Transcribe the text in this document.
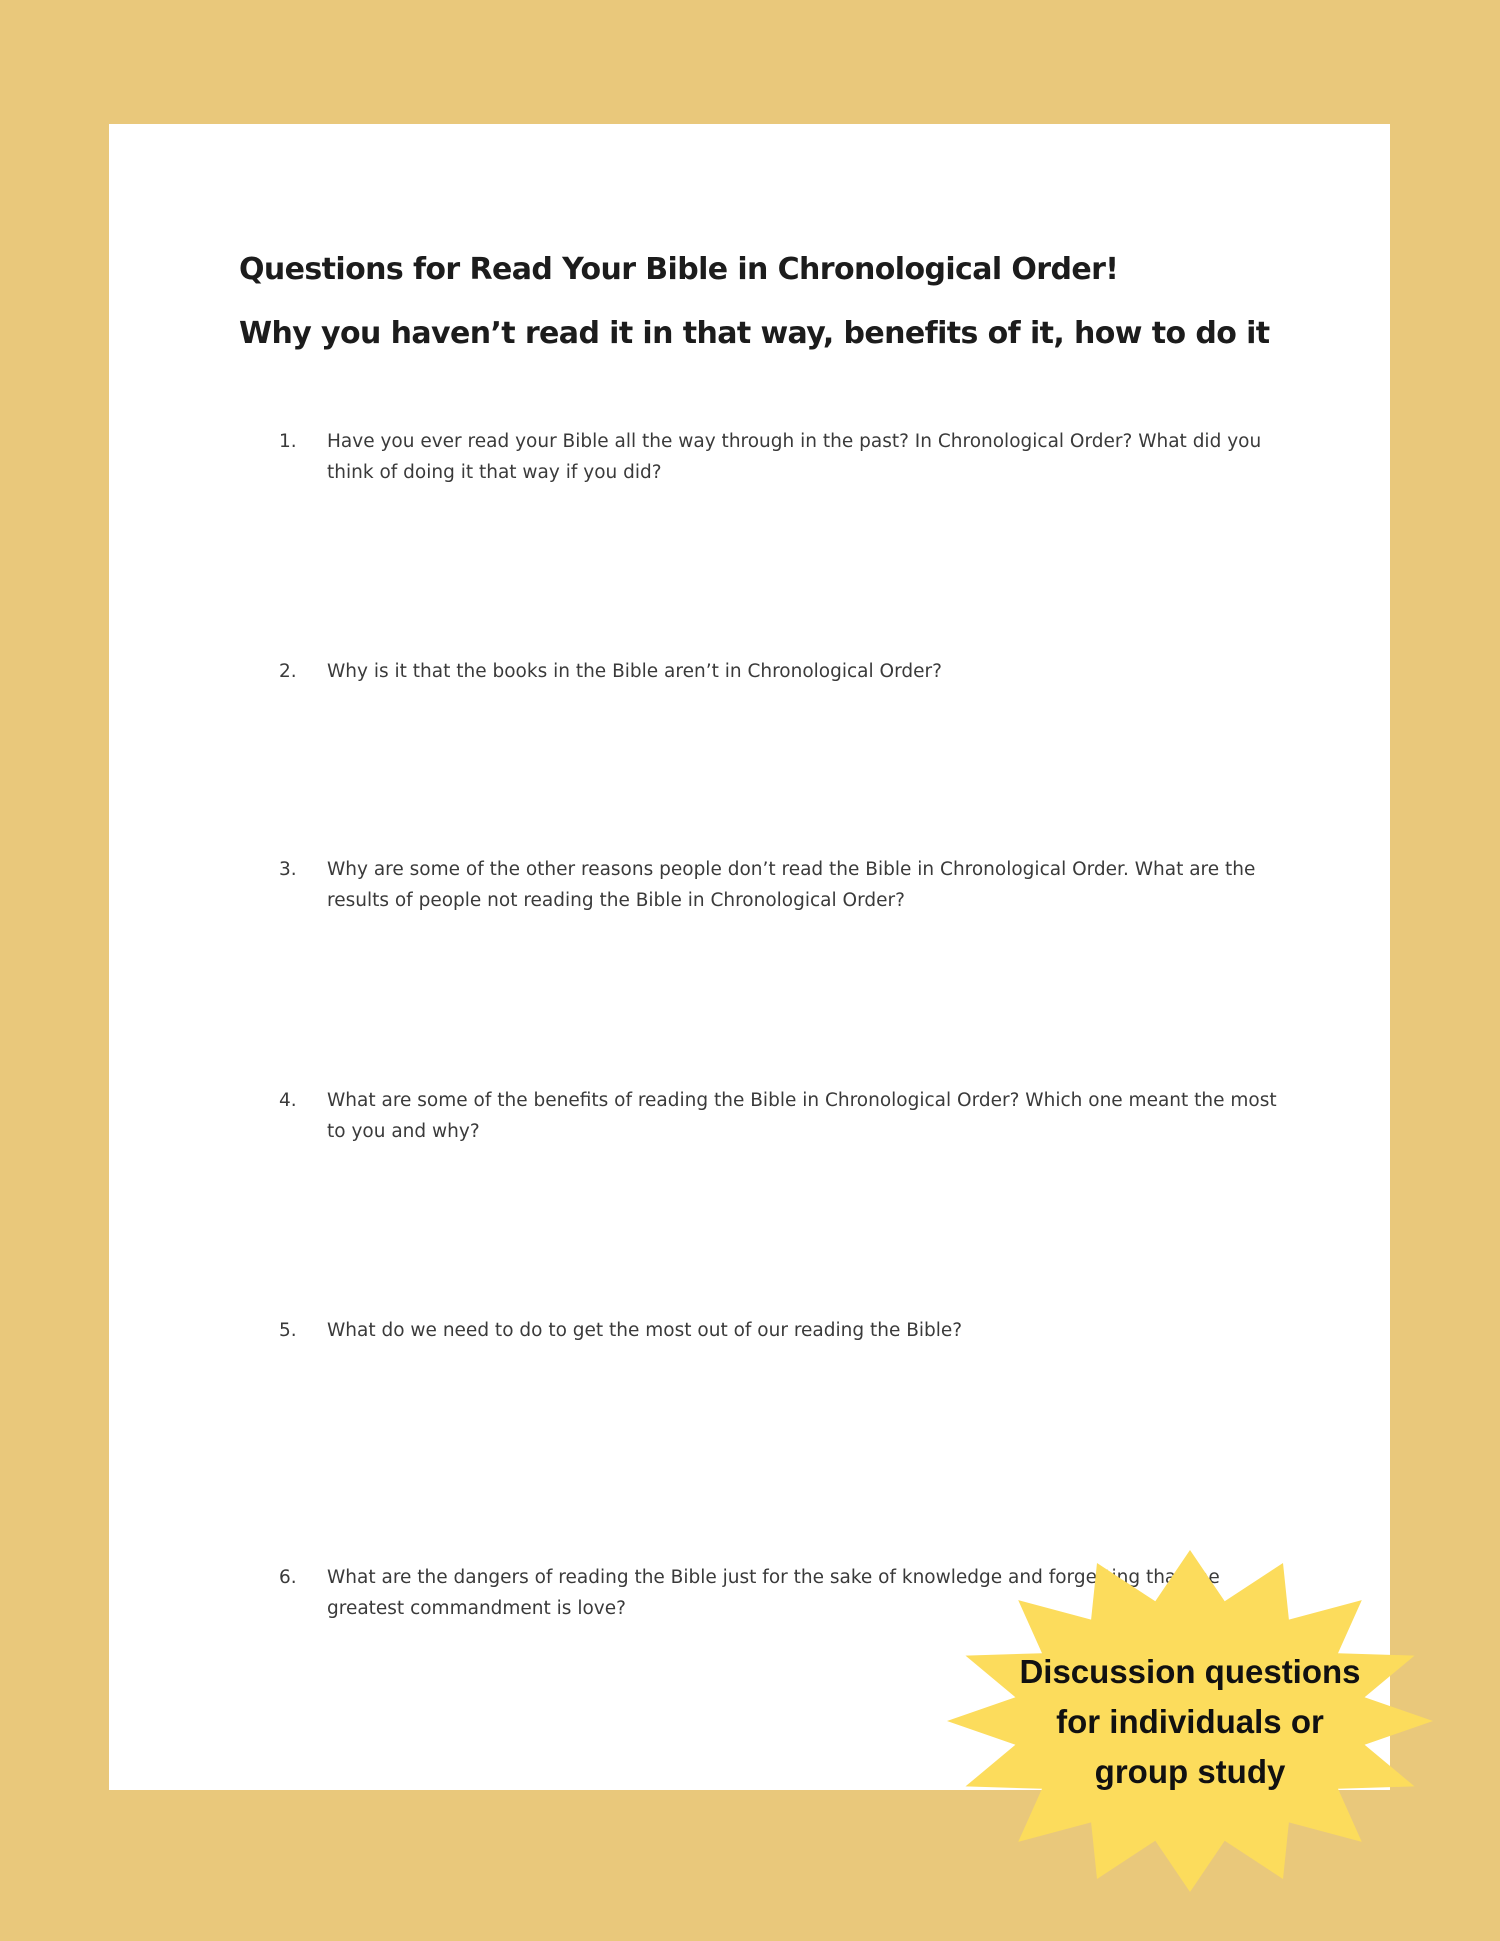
Questions for Read Your Bible in Chronological Order!
Why you haven’t read it in that way, benefits of it, how to do it
1.	Have you ever read your Bible all the way through in the past? In Chronological Order? What did you think of doing it that way if you did?
2.	Why is it that the books in the Bible aren’t in Chronological Order?
3.	Why are some of the other reasons people don’t read the Bible in Chronological Order. What are the results of people not reading the Bible in Chronological Order?
4.	What are some of the benefits of reading the Bible in Chronological Order? Which one meant the most to you and why?
5.	What do we need to do to get the most out of our reading the Bible?
6.	What are the dangers of reading the Bible just for the sake of knowledge and forgetting that the greatest commandment is love?
Discussion questions
for individuals or
group study
